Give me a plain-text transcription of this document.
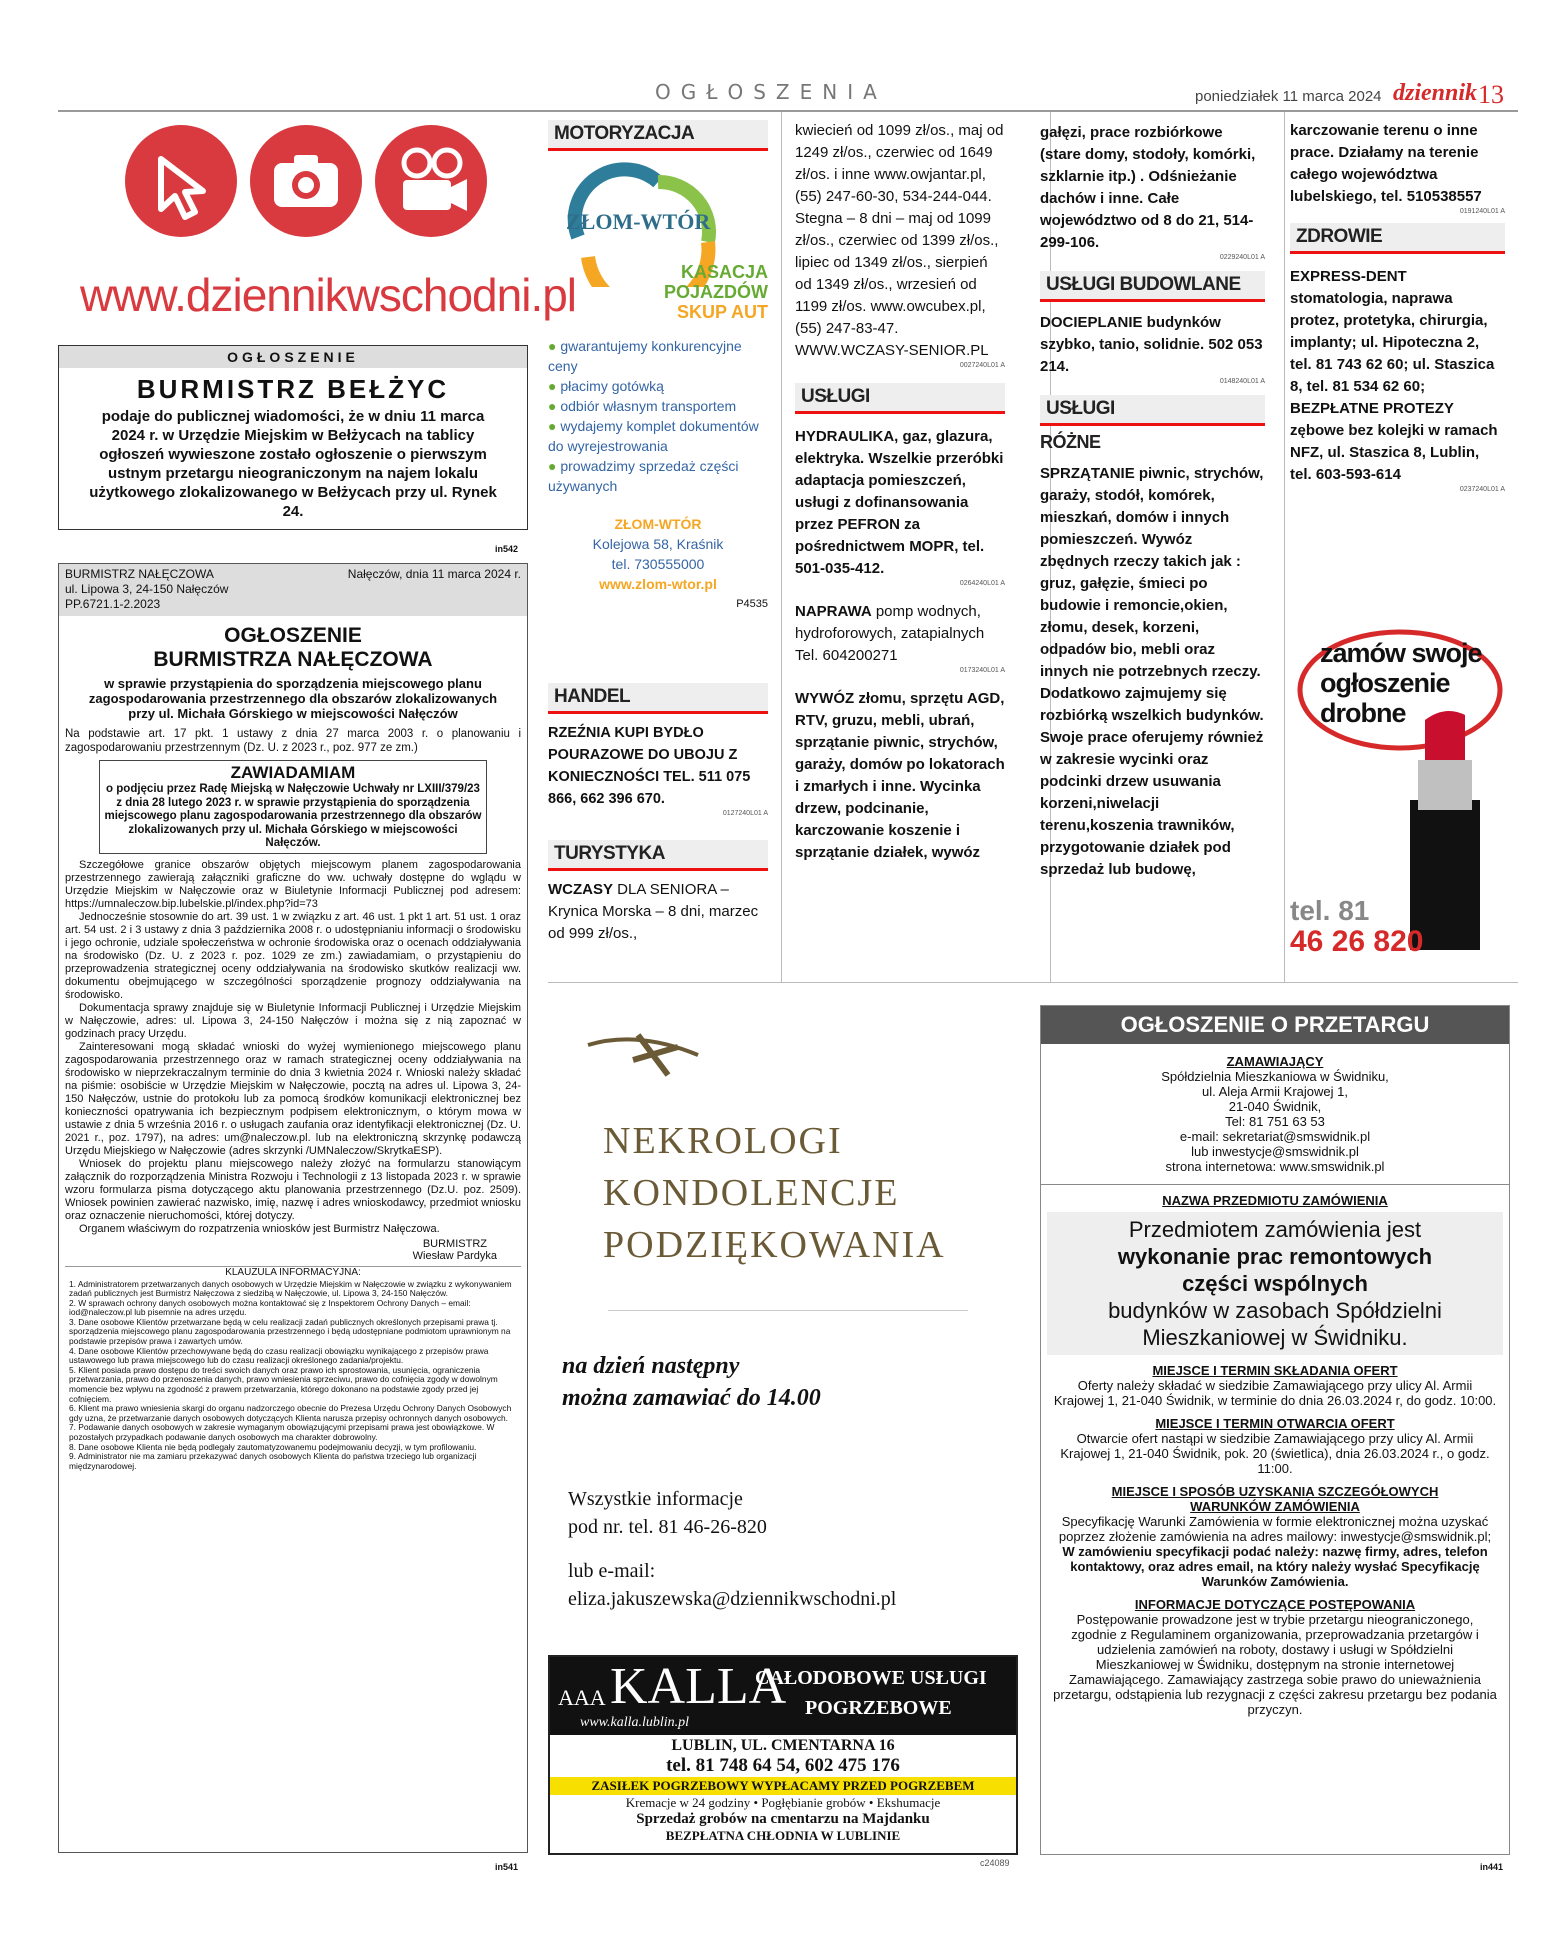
OGŁOSZENIA	poniedziałek 11 marca 2024 dziennik 13
www.dziennikwschodni.pl
OGŁOSZENIE
BURMISTRZ BEŁŻYC
podaje do publicznej wiadomości, że w dniu 11 marca 2024 r. w Urzędzie Miejskim w Bełżycach na tablicy ogłoszeń wywieszone zostało ogłoszenie o pierwszym ustnym przetargu nieograniczonym na najem lokalu użytkowego zlokalizowanego w Bełżycach przy ul. Rynek 24.
in542
BURMISTRZ NAŁĘCZOWA
ul. Lipowa 3, 24-150 Nałęczów
PP.6721.1-2.2023
Nałęczów, dnia 11 marca 2024 r.
OGŁOSZENIE
BURMISTRZA NAŁĘCZOWA
w sprawie przystąpienia do sporządzenia miejscowego planu zagospodarowania przestrzennego dla obszarów zlokalizowanych przy ul. Michała Górskiego w miejscowości Nałęczów
Na podstawie art. 17 pkt. 1 ustawy z dnia 27 marca 2003 r. o planowaniu i zagospodarowaniu przestrzennym (Dz. U. z 2023 r., poz. 977 ze zm.)
ZAWIADAMIAM
o podjęciu przez Radę Miejską w Nałęczowie Uchwały nr LXIII/379/23 z dnia 28 lutego 2023 r. w sprawie przystąpienia do sporządzenia miejscowego planu zagospodarowania przestrzennego dla obszarów zlokalizowanych przy ul. Michała Górskiego w miejscowości Nałęczów.
Szczegółowe granice obszarów objętych miejscowym planem zagospodarowania przestrzennego zawierają załączniki graficzne do ww. uchwały dostępne do wglądu w Urzędzie Miejskim w Nałęczowie oraz w Biuletynie Informacji Publicznej pod adresem: https://umnaleczow.bip.lubelskie.pl/index.php?id=73
Jednocześnie stosownie do art. 39 ust. 1 w związku z art. 46 ust. 1 pkt 1 art. 51 ust. 1 oraz art. 54 ust. 2 i 3 ustawy z dnia 3 października 2008 r. o udostępnianiu informacji o środowisku i jego ochronie, udziale społeczeństwa w ochronie środowiska oraz o ocenach oddziaływania na środowisko (Dz. U. z 2023 r. poz. 1029 ze zm.) zawiadamiam, o przystąpieniu do przeprowadzenia strategicznej oceny oddziaływania na środowisko skutków realizacji ww. dokumentu obejmującego w szczególności sporządzenie prognozy oddziaływania na środowisko.
Dokumentacja sprawy znajduje się w Biuletynie Informacji Publicznej i Urzędzie Miejskim w Nałęczowie, adres: ul. Lipowa 3, 24-150 Nałęczów i można się z nią zapoznać w godzinach pracy Urzędu.
Zainteresowani mogą składać wnioski do wyżej wymienionego miejscowego planu zagospodarowania przestrzennego oraz w ramach strategicznej oceny oddziaływania na środowisko w nieprzekraczalnym terminie do dnia 3 kwietnia 2024 r. Wnioski należy składać na piśmie: osobiście w Urzędzie Miejskim w Nałęczowie, pocztą na adres ul. Lipowa 3, 24-150 Nałęczów, ustnie do protokołu lub za pomocą środków komunikacji elektronicznej bez konieczności opatrywania ich bezpiecznym podpisem elektronicznym, o którym mowa w ustawie z dnia 5 września 2016 r. o usługach zaufania oraz identyfikacji elektronicznej (Dz. U. 2021 r., poz. 1797), na adres: um@naleczow.pl. lub na elektroniczną skrzynkę podawczą Urzędu Miejskiego w Nałęczowie (adres skrzynki /UMNaleczow/SkrytkaESP).
Wniosek do projektu planu miejscowego należy złożyć na formularzu stanowiącym załącznik do rozporządzenia Ministra Rozwoju i Technologii z 13 listopada 2023 r. w sprawie wzoru formularza pisma dotyczącego aktu planowania przestrzennego (Dz.U. poz. 2509). Wniosek powinien zawierać nazwisko, imię, nazwę i adres wnioskodawcy, przedmiot wniosku oraz oznaczenie nieruchomości, której dotyczy.
Organem właściwym do rozpatrzenia wniosków jest Burmistrz Nałęczowa.
BURMISTRZ
Wiesław Pardyka
KLAUZULA INFORMACYJNA:
1. Administratorem przetwarzanych danych osobowych w Urzędzie Miejskim w Nałęczowie w związku z wykonywaniem zadań publicznych jest Burmistrz Nałęczowa z siedzibą w Nałęczowie, ul. Lipowa 3, 24-150 Nałęczów.
2. W sprawach ochrony danych osobowych można kontaktować się z Inspektorem Ochrony Danych – email: iod@naleczow.pl lub pisemnie na adres urzędu.
3. Dane osobowe Klientów przetwarzane będą w celu realizacji zadań publicznych określonych przepisami prawa tj. sporządzenia miejscowego planu zagospodarowania przestrzennego i będą udostępniane podmiotom uprawnionym na podstawie przepisów prawa i zawartych umów.
4. Dane osobowe Klientów przechowywane będą do czasu realizacji obowiązku wynikającego z przepisów prawa ustawowego lub prawa miejscowego lub do czasu realizacji określonego zadania/projektu.
5. Klient posiada prawo dostępu do treści swoich danych oraz prawo ich sprostowania, usunięcia, ograniczenia przetwarzania, prawo do przenoszenia danych, prawo wniesienia sprzeciwu, prawo do cofnięcia zgody w dowolnym momencie bez wpływu na zgodność z prawem przetwarzania, którego dokonano na podstawie zgody przed jej cofnięciem.
6. Klient ma prawo wniesienia skargi do organu nadzorczego obecnie do Prezesa Urzędu Ochrony Danych Osobowych gdy uzna, że przetwarzanie danych osobowych dotyczących Klienta narusza przepisy ochronnych danych osobowych.
7. Podawanie danych osobowych w zakresie wymaganym obowiązującymi przepisami prawa jest obowiązkowe. W pozostałych przypadkach podawanie danych osobowych ma charakter dobrowolny.
8. Dane osobowe Klienta nie będą podlegały zautomatyzowanemu podejmowaniu decyzji, w tym profilowaniu.
9. Administrator nie ma zamiaru przekazywać danych osobowych Klienta do państwa trzeciego lub organizacji międzynarodowej.
in541
MOTORYZACJA
ZŁOM-WTÓR
KASACJA
POJAZDÓW
SKUP AUT
● gwarantujemy konkurencyjne ceny
● płacimy gotówką
● odbiór własnym transportem
● wydajemy komplet dokumentów do wyrejestrowania
● prowadzimy sprzedaż części używanych
ZŁOM-WTÓR
Kolejowa 58, Kraśnik
tel. 730555000
www.zlom-wtor.pl
P4535
HANDEL
RZEŹNIA KUPI BYDŁO POURAZOWE DO UBOJU Z KONIECZNOŚCI TEL. 511 075 866, 662 396 670.
0127240L01 A
TURYSTYKA
WCZASY DLA SENIORA – Krynica Morska – 8 dni, marzec od 999 zł/os.,
kwiecień od 1099 zł/os., maj od 1249 zł/os., czerwiec od 1649 zł/os. i inne www.owjantar.pl, (55) 247-60-30, 534-244-044. Stegna – 8 dni – maj od 1099 zł/os., czerwiec od 1399 zł/os., lipiec od 1349 zł/os., sierpień od 1349 zł/os., wrzesień od 1199 zł/os. www.owcubex.pl, (55) 247-83-47. WWW.WCZASY-SENIOR.PL
0027240L01 A
USŁUGI
HYDRAULIKA, gaz, glazura, elektryka. Wszelkie przeróbki adaptacja pomieszczeń, usługi z dofinansowania przez PEFRON za pośrednictwem MOPR, tel. 501-035-412.
0264240L01 A
NAPRAWA pomp wodnych, hydroforowych, zatapialnych Tel. 604200271
0173240L01 A
WYWÓZ złomu, sprzętu AGD, RTV, gruzu, mebli, ubrań, sprzątanie piwnic, strychów, garaży, domów po lokatorach i zmarłych i inne. Wycinka drzew, podcinanie, karczowanie koszenie i sprzątanie działek, wywóz
gałęzi, prace rozbiórkowe (stare domy, stodoły, komórki, szklarnie itp.) . Odśnieżanie dachów i inne. Całe województwo od 8 do 21, 514-299-106.
0229240L01 A
USŁUGI BUDOWLANE
DOCIEPLANIE budynków szybko, tanio, solidnie. 502 053 214.
0148240L01 A
USŁUGI
RÓŻNE
SPRZĄTANIE piwnic, strychów, garaży, stodół, komórek, mieszkań, domów i innych pomieszczeń. Wywóz zbędnych rzeczy takich jak : gruz, gałęzie, śmieci po budowie i remoncie,okien, złomu, desek, korzeni, odpadów bio, mebli oraz innych nie potrzebnych rzeczy. Dodatkowo zajmujemy się rozbiórką wszelkich budynków. Swoje prace oferujemy również w zakresie wycinki oraz podcinki drzew usuwania korzeni,niwelacji terenu,koszenia trawników, przygotowanie działek pod sprzedaż lub budowę,
karczowanie terenu o inne prace. Działamy na terenie całego województwa lubelskiego, tel. 510538557
0191240L01 A
ZDROWIE
EXPRESS-DENT stomatologia, naprawa protez, protetyka, chirurgia, implanty; ul. Hipoteczna 2, tel. 81 743 62 60; ul. Staszica 8, tel. 81 534 62 60; BEZPŁATNE PROTEZY zębowe bez kolejki w ramach NFZ, ul. Staszica 8, Lublin, tel. 603-593-614
0237240L01 A
zamów swoje
ogłoszenie
drobne
tel. 81
46 26 820
NEKROLOGI
KONDOLENCJE
PODZIĘKOWANIA
na dzień następny
można zamawiać do 14.00
Wszystkie informacje
pod nr. tel. 81 46-26-820
lub e-mail:
eliza.jakuszewska@dziennikwschodni.pl
AAA KALLA
www.kalla.lublin.pl
CAŁODOBOWE USŁUGI
POGRZEBOWE
LUBLIN, UL. CMENTARNA 16
tel. 81 748 64 54, 602 475 176
ZASIŁEK POGRZEBOWY WYPŁACAMY PRZED POGRZEBEM
Kremacje w 24 godziny • Pogłębianie grobów • Ekshumacje
Sprzedaż grobów na cmentarzu na Majdanku
BEZPŁATNA CHŁODNIA W LUBLINIE
c24089
OGŁOSZENIE O PRZETARGU
ZAMAWIAJĄCY
Spółdzielnia Mieszkaniowa w Świdniku,
ul. Aleja Armii Krajowej 1,
21-040 Świdnik,
Tel: 81 751 63 53
e-mail: sekretariat@smswidnik.pl
lub inwestycje@smswidnik.pl
strona internetowa: www.smswidnik.pl
NAZWA PRZEDMIOTU ZAMÓWIENIA
Przedmiotem zamówienia jest
wykonanie prac remontowych
części wspólnych
budynków w zasobach Spółdzielni
Mieszkaniowej w Świdniku.
MIEJSCE I TERMIN SKŁADANIA OFERT
Oferty należy składać w siedzibie Zamawiającego przy ulicy Al. Armii Krajowej 1, 21-040 Świdnik, w terminie do dnia 26.03.2024 r, do godz. 10:00.
MIEJSCE I TERMIN OTWARCIA OFERT
Otwarcie ofert nastąpi w siedzibie Zamawiającego przy ulicy Al. Armii Krajowej 1, 21-040 Świdnik, pok. 20 (świetlica), dnia 26.03.2024 r., o godz. 11:00.
MIEJSCE I SPOSÓB UZYSKANIA SZCZEGÓŁOWYCH WARUNKÓW ZAMÓWIENIA
Specyfikację Warunki Zamówienia w formie elektronicznej można uzyskać poprzez złożenie zamówienia na adres mailowy: inwestycje@smswidnik.pl;
W zamówieniu specyfikacji podać należy: nazwę firmy, adres, telefon kontaktowy, oraz adres email, na który należy wysłać Specyfikację Warunków Zamówienia.
INFORMACJE DOTYCZĄCE POSTĘPOWANIA
Postępowanie prowadzone jest w trybie przetargu nieograniczonego, zgodnie z Regulaminem organizowania, przeprowadzania przetargów i udzielenia zamówień na roboty, dostawy i usługi w Spółdzielni Mieszkaniowej w Świdniku, dostępnym na stronie internetowej Zamawiającego. Zamawiający zastrzega sobie prawo do unieważnienia przetargu, odstąpienia lub rezygnacji z części zakresu przetargu bez podania przyczyn.
in441
